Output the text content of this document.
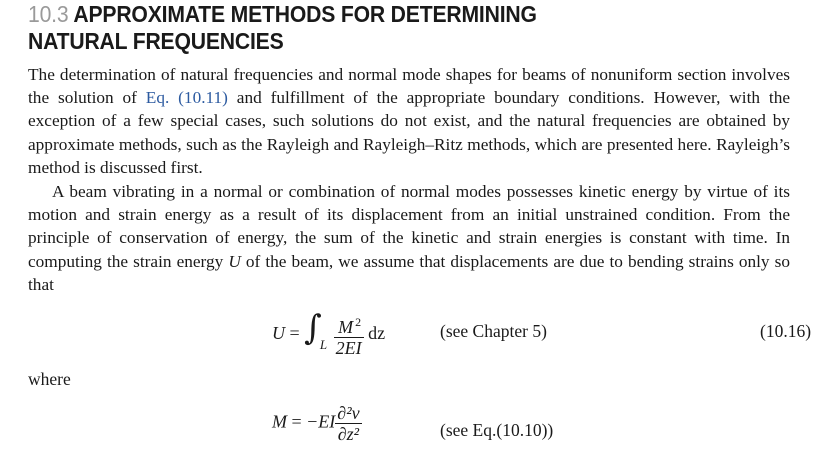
10.3 APPROXIMATE METHODS FOR DETERMINING
NATURAL FREQUENCIES

The determination of natural frequencies and normal mode shapes for beams of nonuniform section involves the solution of Eq. (10.11) and fulfillment of the appropriate boundary conditions. However, with the exception of a few special cases, such solutions do not exist, and the natural frequencies are obtained by approximate methods, such as the Rayleigh and Rayleigh–Ritz methods, which are presented here. Rayleigh’s method is discussed first.

A beam vibrating in a normal or combination of normal modes possesses kinetic energy by virtue of its motion and strain energy as a result of its displacement from an initial unstrained condition. From the principle of conservation of energy, the sum of the kinetic and strain energies is constant with time. In computing the strain energy U of the beam, we assume that displacements are due to bending strains only so that

$U = \int_L \frac{M ^2}{2EI}$ dz	(see Chapter 5)	(10.16)
where
$M = -EI \frac{\text{∂²v}}{\text{∂z²}}$	(see Eq.(10.10))
